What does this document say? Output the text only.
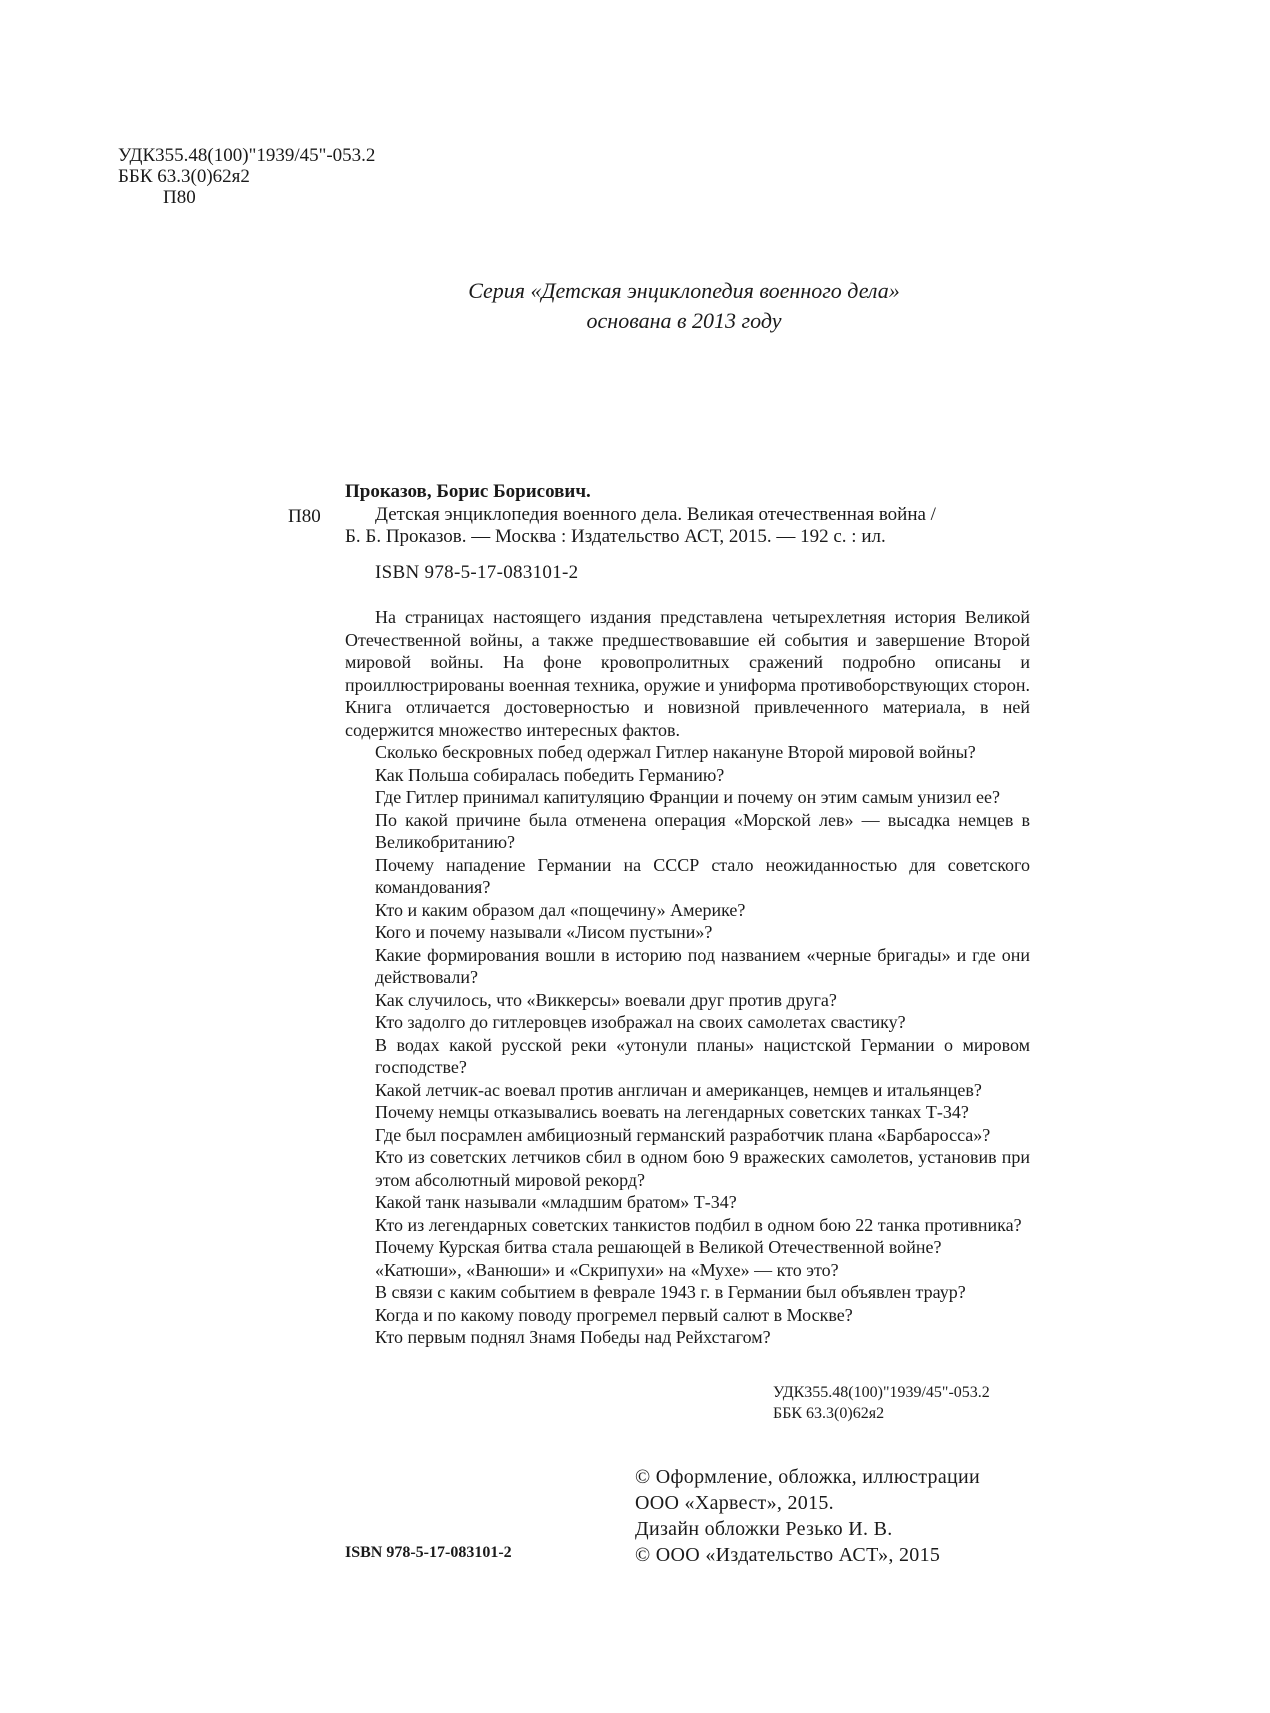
УДК355.48(100)"1939/45"-053.2
ББК 63.3(0)62я2
П80
Серия «Детская энциклопедия военного дела»
основана в 2013 году
Проказов, Борис Борисович.
П80	Детская энциклопедия военного дела. Великая отечественная война /
Б. Б. Проказов. — Москва : Издательство АСТ, 2015. — 192 с. : ил.
ISBN 978-5-17-083101-2
На страницах настоящего издания представлена четырехлетняя история Великой Отечественной войны, а также предшествовавшие ей события и завершение Второй мировой войны. На фоне кровопролитных сражений подробно описаны и проиллюстрированы военная техника, оружие и униформа противоборствующих сторон. Книга отличается достоверностью и новизной привлеченного материала, в ней содержится множество интересных фактов.
Сколько бескровных побед одержал Гитлер накануне Второй мировой войны?
Как Польша собиралась победить Германию?
Где Гитлер принимал капитуляцию Франции и почему он этим самым унизил ее?
По какой причине была отменена операция «Морской лев» — высадка немцев в Великобританию?
Почему нападение Германии на СССР стало неожиданностью для советского командования?
Кто и каким образом дал «пощечину» Америке?
Кого и почему называли «Лисом пустыни»?
Какие формирования вошли в историю под названием «черные бригады» и где они действовали?
Как случилось, что «Виккерсы» воевали друг против друга?
Кто задолго до гитлеровцев изображал на своих самолетах свастику?
В водах какой русской реки «утонули планы» нацистской Германии о мировом господстве?
Какой летчик-ас воевал против англичан и американцев, немцев и итальянцев?
Почему немцы отказывались воевать на легендарных советских танках Т-34?
Где был посрамлен амбициозный германский разработчик плана «Барбаросса»?
Кто из советских летчиков сбил в одном бою 9 вражеских самолетов, установив при этом абсолютный мировой рекорд?
Какой танк называли «младшим братом» Т-34?
Кто из легендарных советских танкистов подбил в одном бою 22 танка противника?
Почему Курская битва стала решающей в Великой Отечественной войне?
«Катюши», «Ванюши» и «Скрипухи» на «Мухе» — кто это?
В связи с каким событием в феврале 1943 г. в Германии был объявлен траур?
Когда и по какому поводу прогремел первый салют в Москве?
Кто первым поднял Знамя Победы над Рейхстагом?
УДК355.48(100)"1939/45"-053.2
ББК 63.3(0)62я2
© Оформление, обложка, иллюстрации
ООО «Харвест», 2015.
Дизайн обложки Резько И. В.
© ООО «Издательство АСТ», 2015
ISBN 978-5-17-083101-2
